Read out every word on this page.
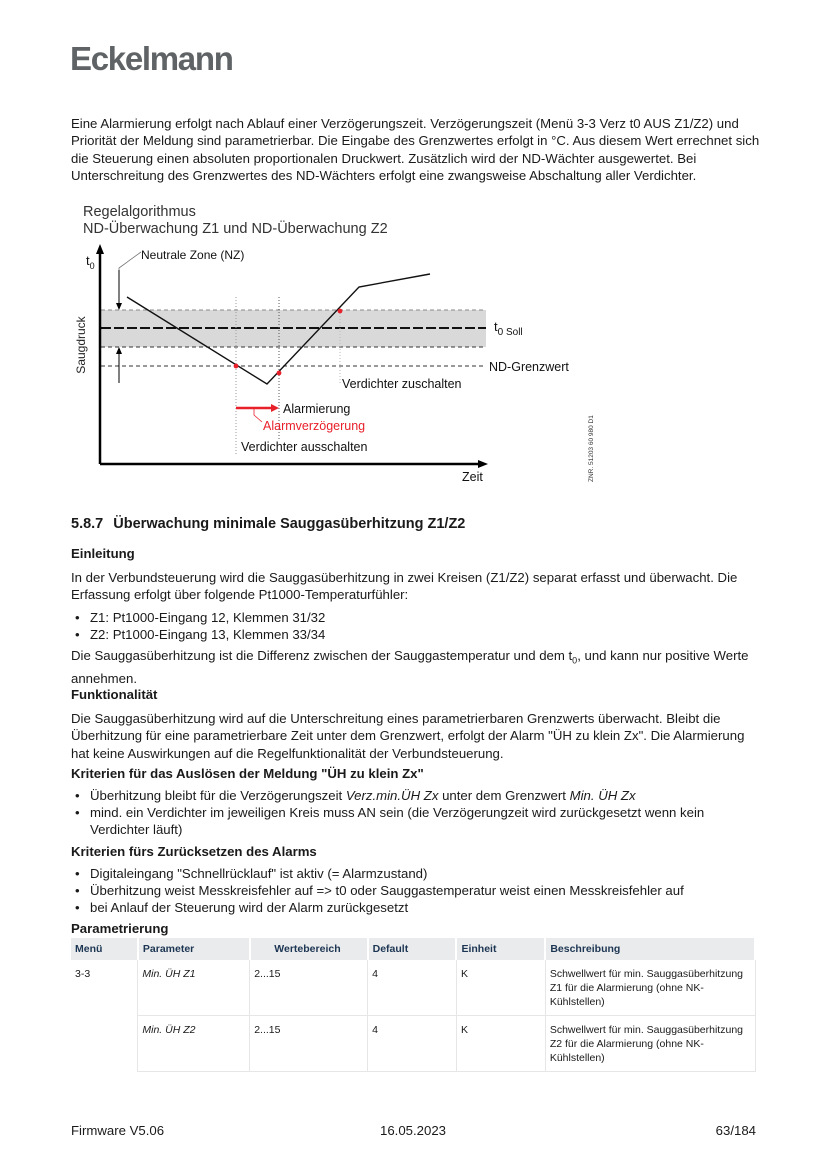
Eckelmann
Eine Alarmierung erfolgt nach Ablauf einer Verzögerungszeit. Verzögerungszeit (Menü 3-3 Verz t0 AUS Z1/Z2) und Priorität der Meldung sind parametrierbar. Die Eingabe des Grenzwertes erfolgt in °C. Aus diesem Wert errechnet sich die Steuerung einen absoluten proportionalen Druckwert. Zusätzlich wird der ND-Wächter ausgewertet. Bei Unterschreitung des Grenzwertes des ND-Wächters erfolgt eine zwangsweise Abschaltung aller Verdichter.
Regelalgorithmus
ND-Überwachung Z1 und ND-Überwachung Z2
$t_0$
Saugdruck
Neutrale Zone (NZ)
$t_{0 Soll}$
ND-Grenzwert
Verdichter zuschalten
Alarmierung
Alarmverzögerung
Verdichter ausschalten
Zeit	ZNR. 51203 60 980 D1
5.8.7 Überwachung minimale Sauggasüberhitzung Z1/Z2
Einleitung
In der Verbundsteuerung wird die Sauggasüberhitzung in zwei Kreisen (Z1/Z2) separat erfasst und überwacht. Die Erfassung erfolgt über folgende Pt1000-Temperaturfühler:
• Z1: Pt1000-Eingang 12, Klemmen 31/32
• Z2: Pt1000-Eingang 13, Klemmen 33/34
Die Sauggasüberhitzung ist die Differenz zwischen der Sauggastemperatur und dem $t_0$, und kann nur positive Werte annehmen.
Funktionalität
Die Sauggasüberhitzung wird auf die Unterschreitung eines parametrierbaren Grenzwerts überwacht. Bleibt die Überhitzung für eine parametrierbare Zeit unter dem Grenzwert, erfolgt der Alarm "ÜH zu klein Zx". Die Alarmierung hat keine Auswirkungen auf die Regelfunktionalität der Verbundsteuerung.
Kriterien für das Auslösen der Meldung "ÜH zu klein Zx"
• Überhitzung bleibt für die Verzögerungszeit Verz.min.ÜH Zx unter dem Grenzwert Min. ÜH Zx
• mind. ein Verdichter im jeweiligen Kreis muss AN sein (die Verzögerungzeit wird zurückgesetzt wenn kein Verdichter läuft)
Kriterien fürs Zurücksetzen des Alarms
• Digitaleingang "Schnellrücklauf" ist aktiv (= Alarmzustand)
• Überhitzung weist Messkreisfehler auf => t0 oder Sauggastemperatur weist einen Messkreisfehler auf
• bei Anlauf der Steuerung wird der Alarm zurückgesetzt
Parametrierung
Menü	Parameter	Wertebereich	Default	Einheit	Beschreibung
3-3	Min. ÜH Z1	2...15	4	K	Schwellwert für min. Sauggasüberhitzung Z1 für die Alarmierung (ohne NK-Kühlstellen)
	Min. ÜH Z2	2...15	4	K	Schwellwert für min. Sauggasüberhitzung Z2 für die Alarmierung (ohne NK-Kühlstellen)
Firmware V5.06	16.05.2023	63/184
